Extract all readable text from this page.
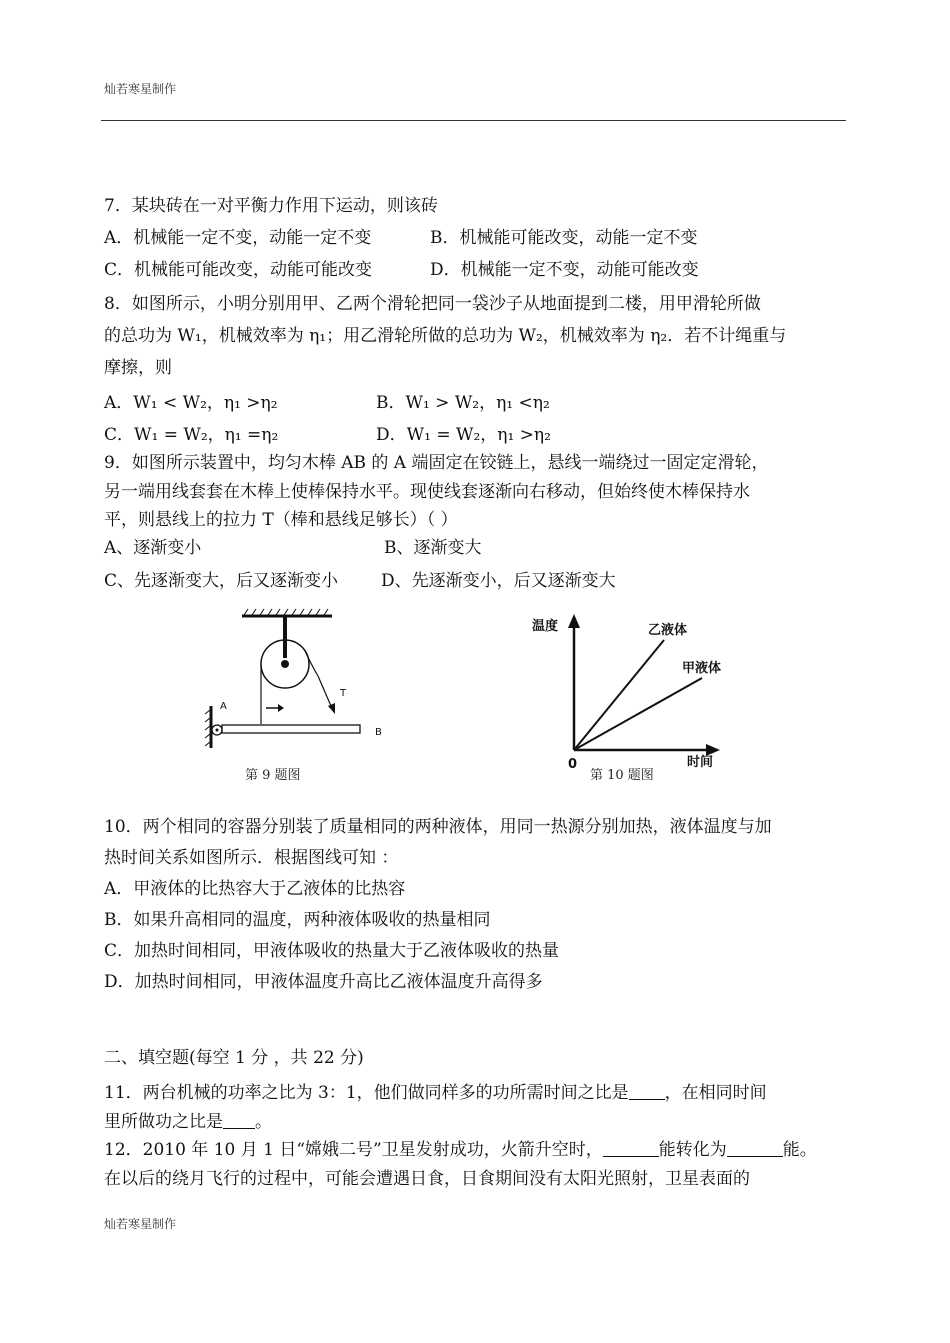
灿若寒星制作
7．某块砖在一对平衡力作用下运动，则该砖
A．机械能一定不变，动能一定不变	B．机械能可能改变，动能一定不变
C．机械能可能改变，动能可能改变	D．机械能一定不变，动能可能改变
8．如图所示，小明分别用甲、乙两个滑轮把同一袋沙子从地面提到二楼，用甲滑轮所做
的总功为 W₁，机械效率为 η₁；用乙滑轮所做的总功为 W₂，机械效率为 η₂．若不计绳重与
摩擦，则
A．W₁ < W₂，η₁ >η₂	B．W₁ > W₂，η₁ <η₂
C．W₁ = W₂，η₁ =η₂	D．W₁ = W₂，η₁ >η₂
9．如图所示装置中，均匀木棒 AB 的 A 端固定在铰链上，悬线一端绕过一固定定滑轮，
另一端用线套套在木棒上使棒保持水平。现使线套逐渐向右移动，但始终使木棒保持水
平，则悬线上的拉力 T（棒和悬线足够长）（ ）
A、逐渐变小	B、逐渐变大
C、先逐渐变大，后又逐渐变小	D、先逐渐变小，后又逐渐变大
A
B
T
第 9 题图
温度
时间
0
乙液体
甲液体
第 10 题图
10．两个相同的容器分别装了质量相同的两种液体，用同一热源分别加热，液体温度与加
热时间关系如图所示．根据图线可知 ：
A．甲液体的比热容大于乙液体的比热容
B．如果升高相同的温度，两种液体吸收的热量相同
C．加热时间相同，甲液体吸收的热量大于乙液体吸收的热量
D．加热时间相同，甲液体温度升高比乙液体温度升高得多
二、填空题(每空 1 分 ，共 22 分)
11．两台机械的功率之比为 3：1，他们做同样多的功所需时间之比是 ，在相同时间
里所做功之比是 。
12．2010 年 10 月 1 日“嫦娥二号”卫星发射成功，火箭升空时，	能转化为	能。
在以后的绕月飞行的过程中，可能会遭遇日食，日食期间没有太阳光照射，卫星表面的
灿若寒星制作
